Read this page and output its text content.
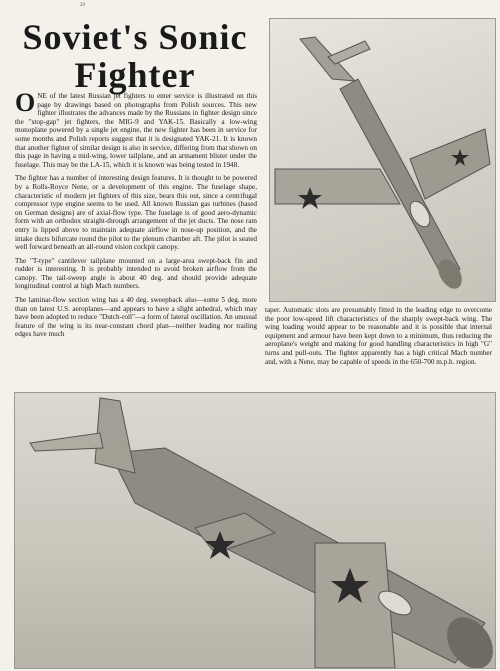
29
Soviet's Sonic
Fighter

ONE of the latest Russian jet fighters to enter service is illustrated on this page by drawings based on photographs from Polish sources. This new fighter illustrates the advances made by the Russians in fighter design since the "stop-gap" jet fighters, the MIG-9 and YAK-15. Basically a low-wing monoplane powered by a single jet engine, the new fighter has been in service for some months and Polish reports suggest that it is designated YAK-21. It is known that another fighter of similar design is also in service, differing from that shown on this page in having a mid-wing, lower tailplane, and an armament blister under the fuselage. This may be the LA-15, which it is known was being tested in 1948.

The fighter has a number of interesting design features. It is thought to be powered by a Rolls-Royce Nene, or a development of this engine. The fuselage shape, characteristic of modern jet fighters of this size, bears this out, since a centrifugal compressor type engine seems to be used. All known Russian gas turbines (based on German designs) are of axial-flow type. The fuselage is of good aero-dynamic form with an orthodox straight-through arrangement of the jet ducts. The nose ram entry is lipped above to maintain adequate airflow in nose-up position, and the intake ducts bifurcate round the pilot to the plenum chamber aft. The pilot is seated well forward beneath an all-round vision cockpit canopy.

The "T-type" cantilever tailplane mounted on a large-area swept-back fin and rudder is interesting. It is probably intended to avoid broken airflow from the canopy. The tail-sweep angle is about 40 deg. and should provide adequate longitudinal control at high Mach numbers.

The laminar-flow section wing has a 40 deg. sweepback also—some 5 deg. more than on latest U.S. aeroplanes—and appears to have a slight anhedral, which may have been adopted to reduce "Dutch-roll"—a form of lateral oscillation. An unusual feature of the wing is its near-constant chord plan—neither leading nor trailing edges have much

taper. Automatic slots are presumably fitted in the leading edge to overcome the poor low-speed lift characteristics of the sharply swept-back wing. The wing loading would appear to be reasonable and it is possible that internal equipment and armour have been kept down to a minimum, thus reducing the aeroplane's weight and making for good handling characteristics in high "G" turns and pull-outs. The fighter apparently has a high critical Mach number and, with a Nene, may be capable of speeds in the 650-700 m.p.h. region.
